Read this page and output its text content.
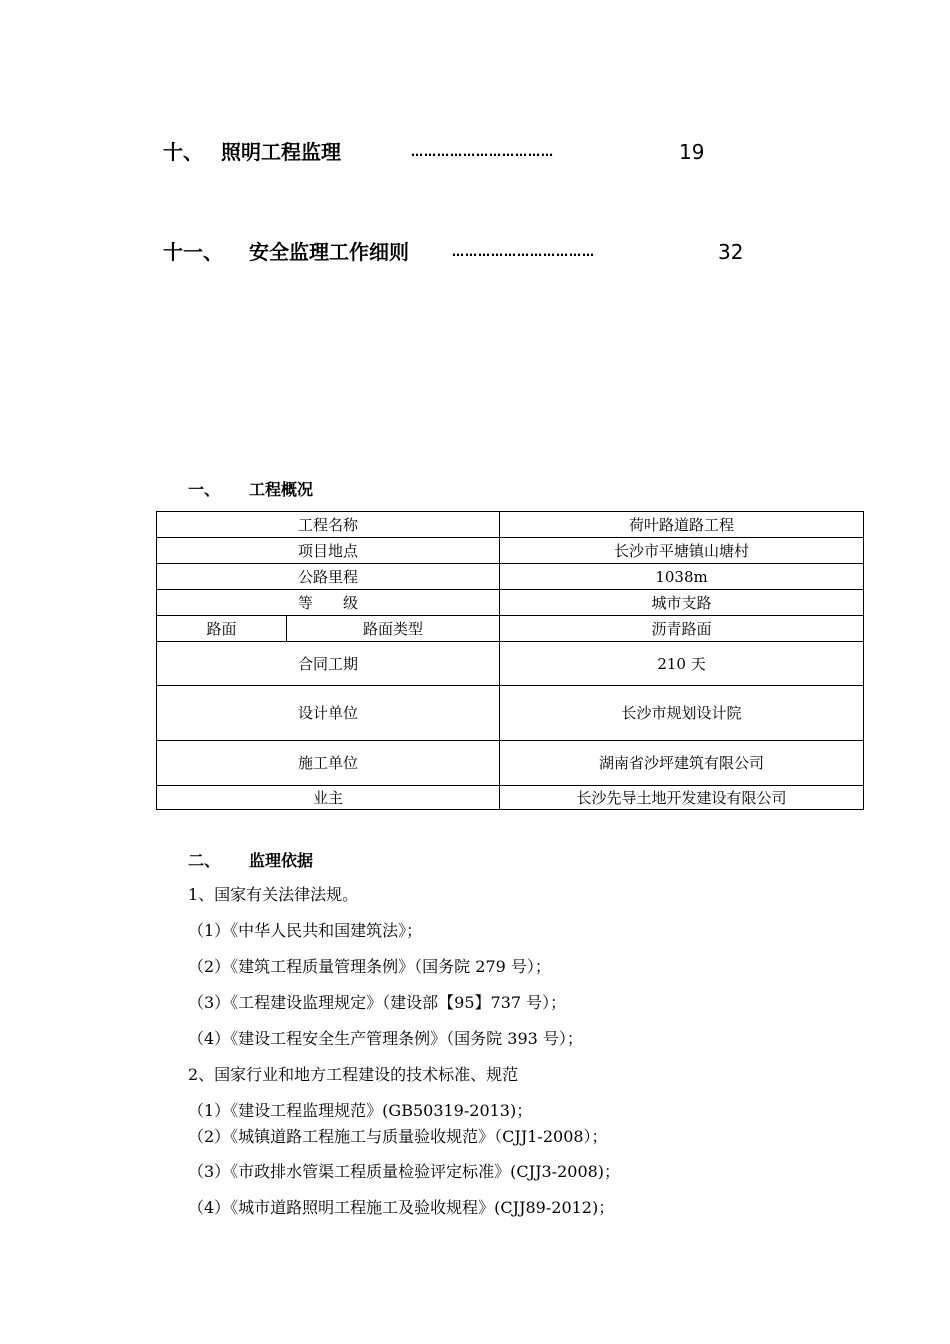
十、 照明工程监理	……………………………	19
十一、 安全监理工作细则	……………………………	32
一、 工程概况
工程名称		荷叶路道路工程
项目地点		长沙市平塘镇山塘村
公路里程		1038m
等　　级		城市支路
路面	路面类型	沥青路面
合同工期		210 天
设计单位		长沙市规划设计院
施工单位		湖南省沙坪建筑有限公司
业主		长沙先导土地开发建设有限公司
二、 监理依据
1、国家有关法律法规。
（1）《中华人民共和国建筑法》；
（2）《建筑工程质量管理条例》（国务院 279 号）；
（3）《工程建设监理规定》（建设部【95】737 号）；
（4）《建设工程安全生产管理条例》（国务院 393 号）；
2、国家行业和地方工程建设的技术标准、规范
（1）《建设工程监理规范》(GB50319-2013)；
（2）《城镇道路工程施工与质量验收规范》（CJJ1-2008）；
（3）《市政排水管渠工程质量检验评定标准》(CJJ3-2008)；
（4）《城市道路照明工程施工及验收规程》(CJJ89-2012)；
